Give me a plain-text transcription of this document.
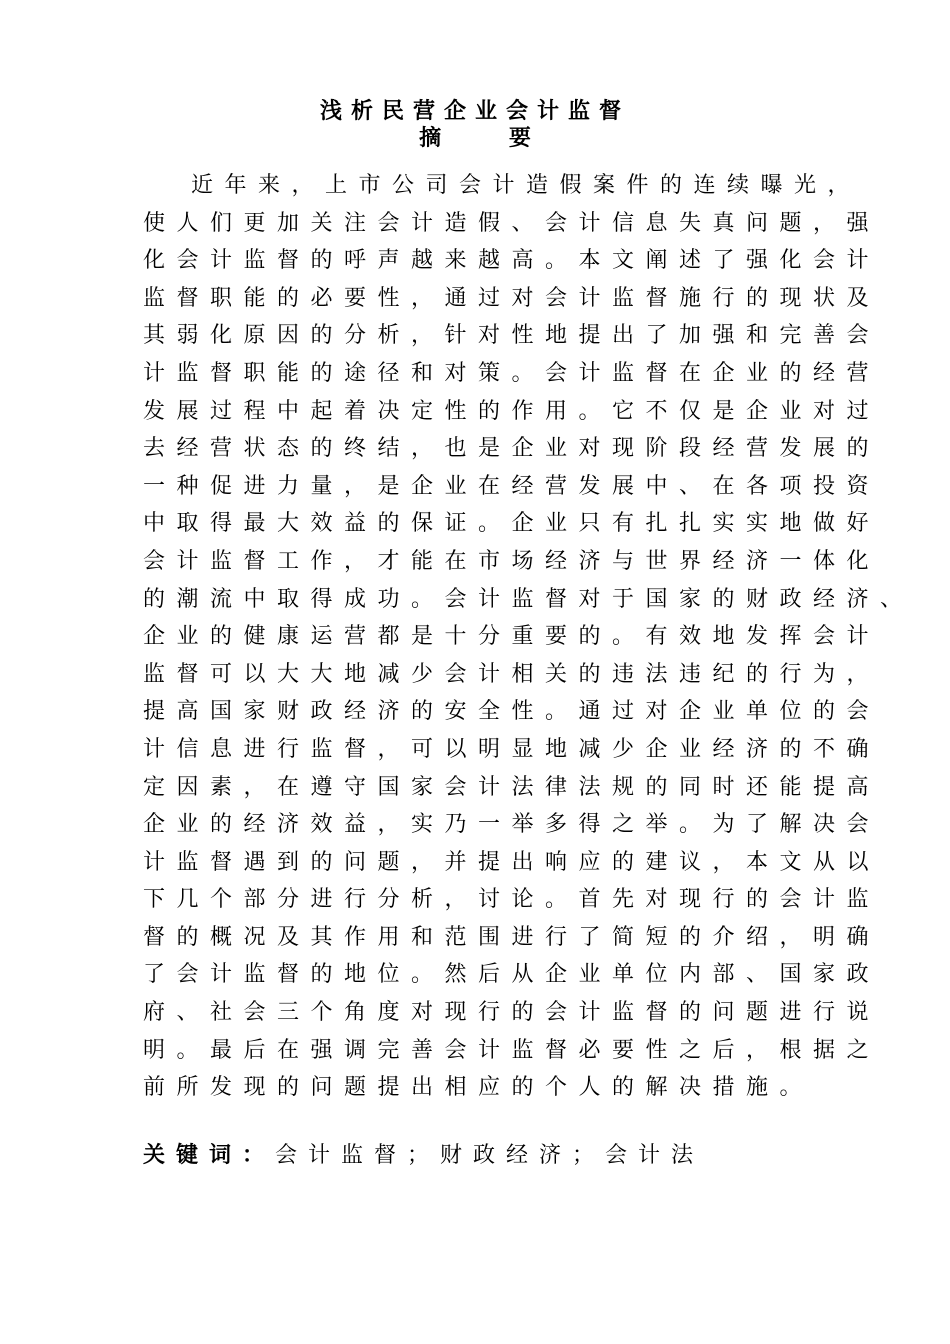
浅析民营企业会计监督
摘 要
近年来，上市公司会计造假案件的连续曝光，
使人们更加关注会计造假、会计信息失真问题，强
化会计监督的呼声越来越高。本文阐述了强化会计
监督职能的必要性，通过对会计监督施行的现状及
其弱化原因的分析，针对性地提出了加强和完善会
计监督职能的途径和对策。会计监督在企业的经营
发展过程中起着决定性的作用。它不仅是企业对过
去经营状态的终结，也是企业对现阶段经营发展的
一种促进力量，是企业在经营发展中、在各项投资
中取得最大效益的保证。企业只有扎扎实实地做好
会计监督工作，才能在市场经济与世界经济一体化
的潮流中取得成功。会计监督对于国家的财政经济、
企业的健康运营都是十分重要的。有效地发挥会计
监督可以大大地减少会计相关的违法违纪的行为，
提高国家财政经济的安全性。通过对企业单位的会
计信息进行监督，可以明显地减少企业经济的不确
定因素，在遵守国家会计法律法规的同时还能提高
企业的经济效益，实乃一举多得之举。为了解决会
计监督遇到的问题，并提出响应的建议，本文从以
下几个部分进行分析，讨论。首先对现行的会计监
督的概况及其作用和范围进行了简短的介绍，明确
了会计监督的地位。然后从企业单位内部、国家政
府、社会三个角度对现行的会计监督的问题进行说
明。最后在强调完善会计监督必要性之后，根据之
前所发现的问题提出相应的个人的解决措施。
关键词：会计监督；财政经济；会计法
